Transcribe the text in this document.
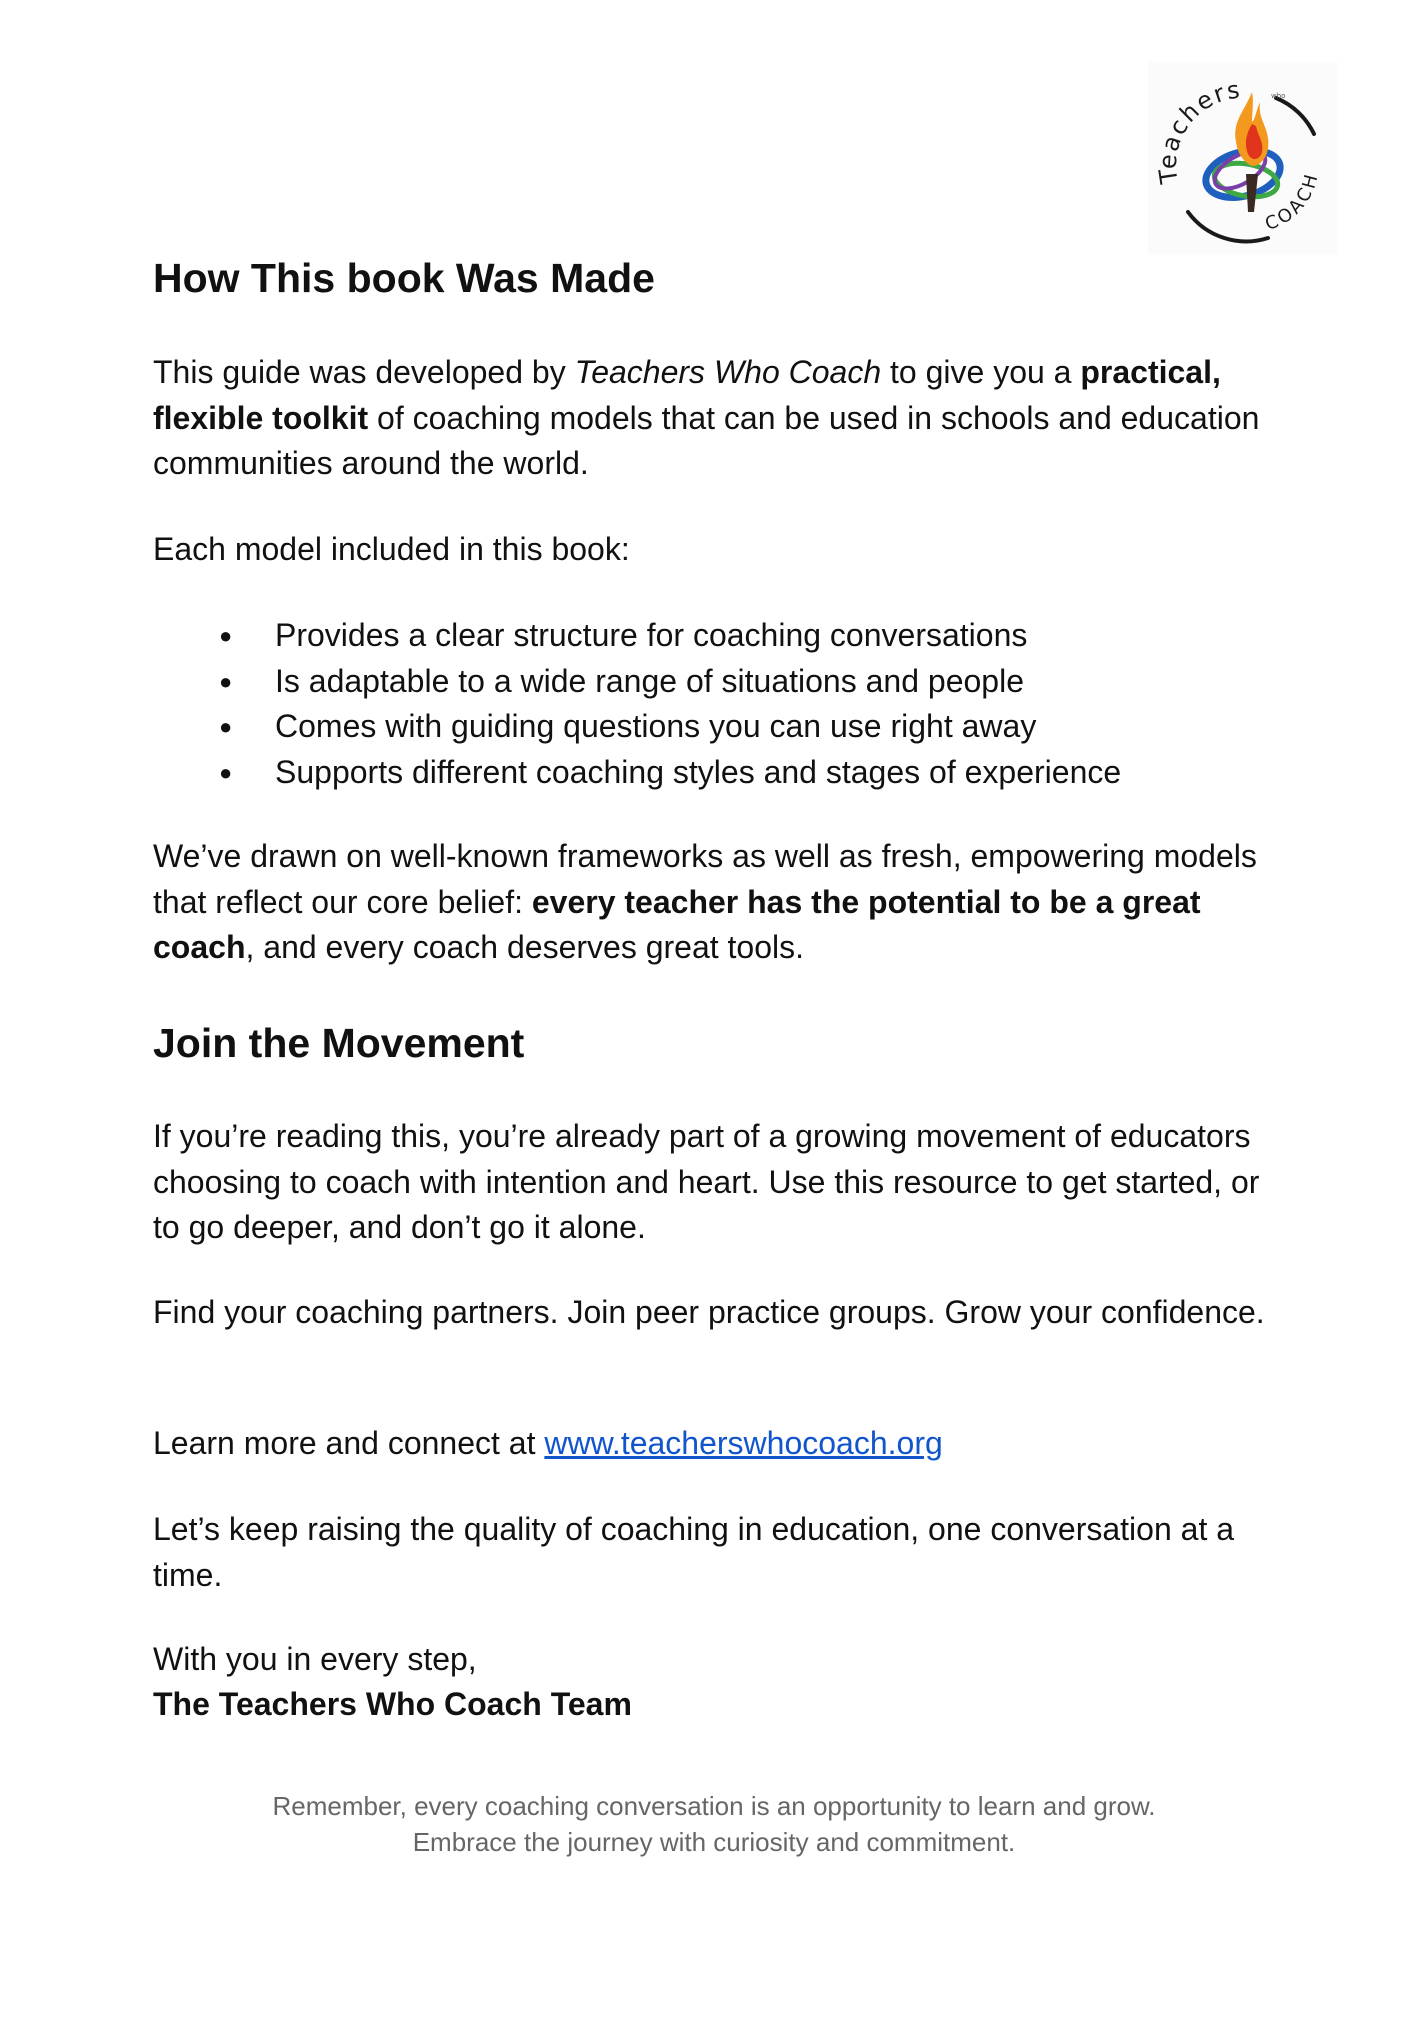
Teachers	who
COACH
How This book Was Made

This guide was developed by Teachers Who Coach to give you a practical, flexible toolkit of coaching models that can be used in schools and education communities around the world.

Each model included in this book:

● Provides a clear structure for coaching conversations
● Is adaptable to a wide range of situations and people
● Comes with guiding questions you can use right away
● Supports different coaching styles and stages of experience

We’ve drawn on well-known frameworks as well as fresh, empowering models that reflect our core belief: every teacher has the potential to be a great coach, and every coach deserves great tools.

Join the Movement

If you’re reading this, you’re already part of a growing movement of educators choosing to coach with intention and heart. Use this resource to get started, or to go deeper, and don’t go it alone.

Find your coaching partners. Join peer practice groups. Grow your confidence.

Learn more and connect at www.teacherswhocoach.org

Let’s keep raising the quality of coaching in education, one conversation at a time.

With you in every step,

The Teachers Who Coach Team

Remember, every coaching conversation is an opportunity to learn and grow.
Embrace the journey with curiosity and commitment.
